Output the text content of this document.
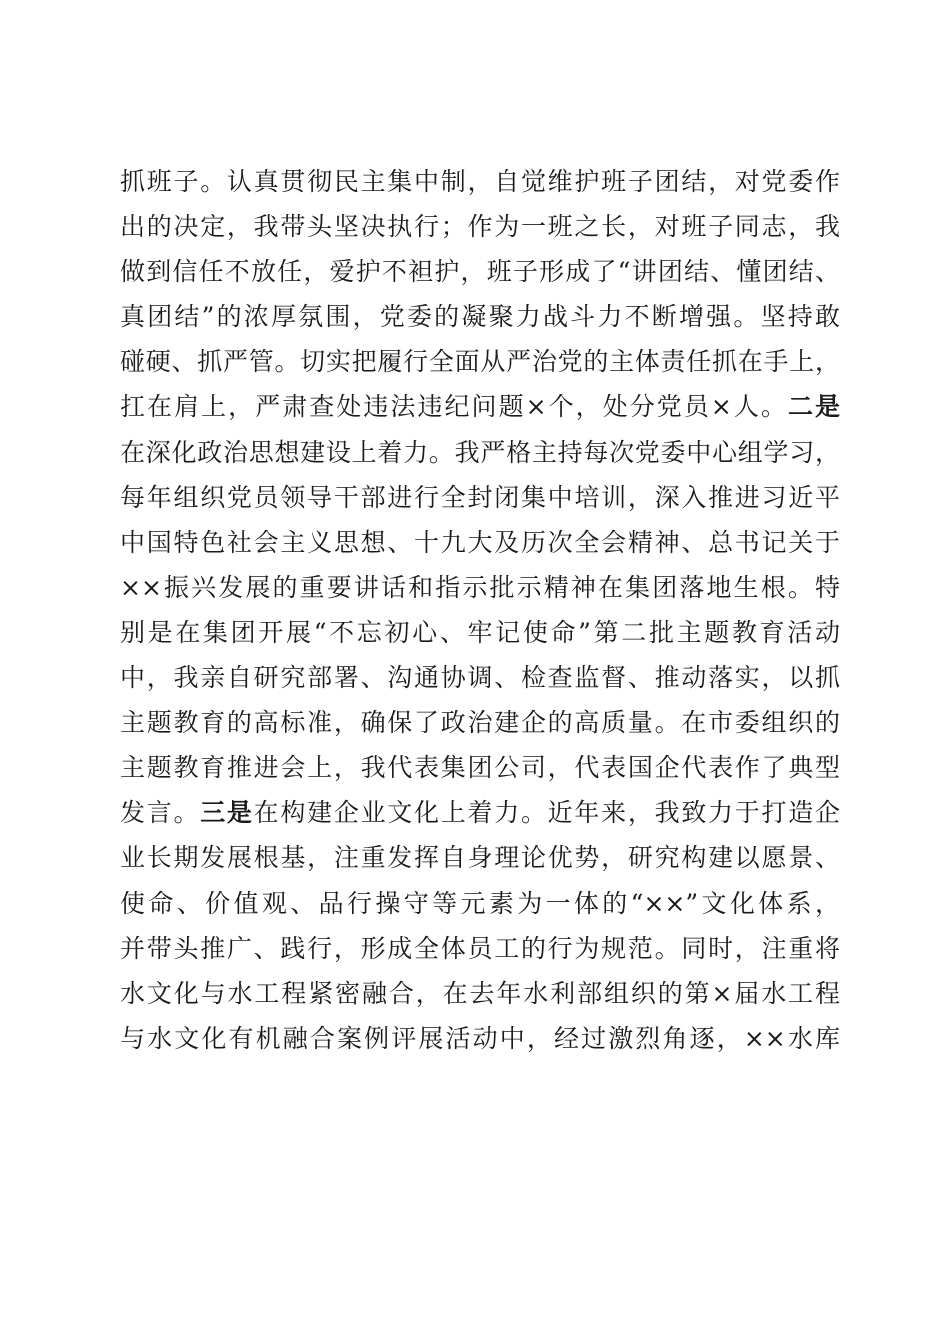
抓班子。认真贯彻民主集中制，自觉维护班子团结，对党委作
出的决定，我带头坚决执行；作为一班之长，对班子同志，我
做到信任不放任，爱护不袒护，班子形成了“讲团结、懂团结、
真团结”的浓厚氛围，党委的凝聚力战斗力不断增强。坚持敢
碰硬、抓严管。切实把履行全面从严治党的主体责任抓在手上，
扛在肩上，严肃查处违法违纪问题×个，处分党员×人。二是
在深化政治思想建设上着力。我严格主持每次党委中心组学习，
每年组织党员领导干部进行全封闭集中培训，深入推进习近平
中国特色社会主义思想、十九大及历次全会精神、总书记关于
××振兴发展的重要讲话和指示批示精神在集团落地生根。特
别是在集团开展“不忘初心、牢记使命”第二批主题教育活动
中，我亲自研究部署、沟通协调、检查监督、推动落实，以抓
主题教育的高标准，确保了政治建企的高质量。在市委组织的
主题教育推进会上，我代表集团公司，代表国企代表作了典型
发言。三是在构建企业文化上着力。近年来，我致力于打造企
业长期发展根基，注重发挥自身理论优势，研究构建以愿景、
使命、价值观、品行操守等元素为一体的“××”文化体系，
并带头推广、践行，形成全体员工的行为规范。同时，注重将
水文化与水工程紧密融合，在去年水利部组织的第×届水工程
与水文化有机融合案例评展活动中，经过激烈角逐，××水库
